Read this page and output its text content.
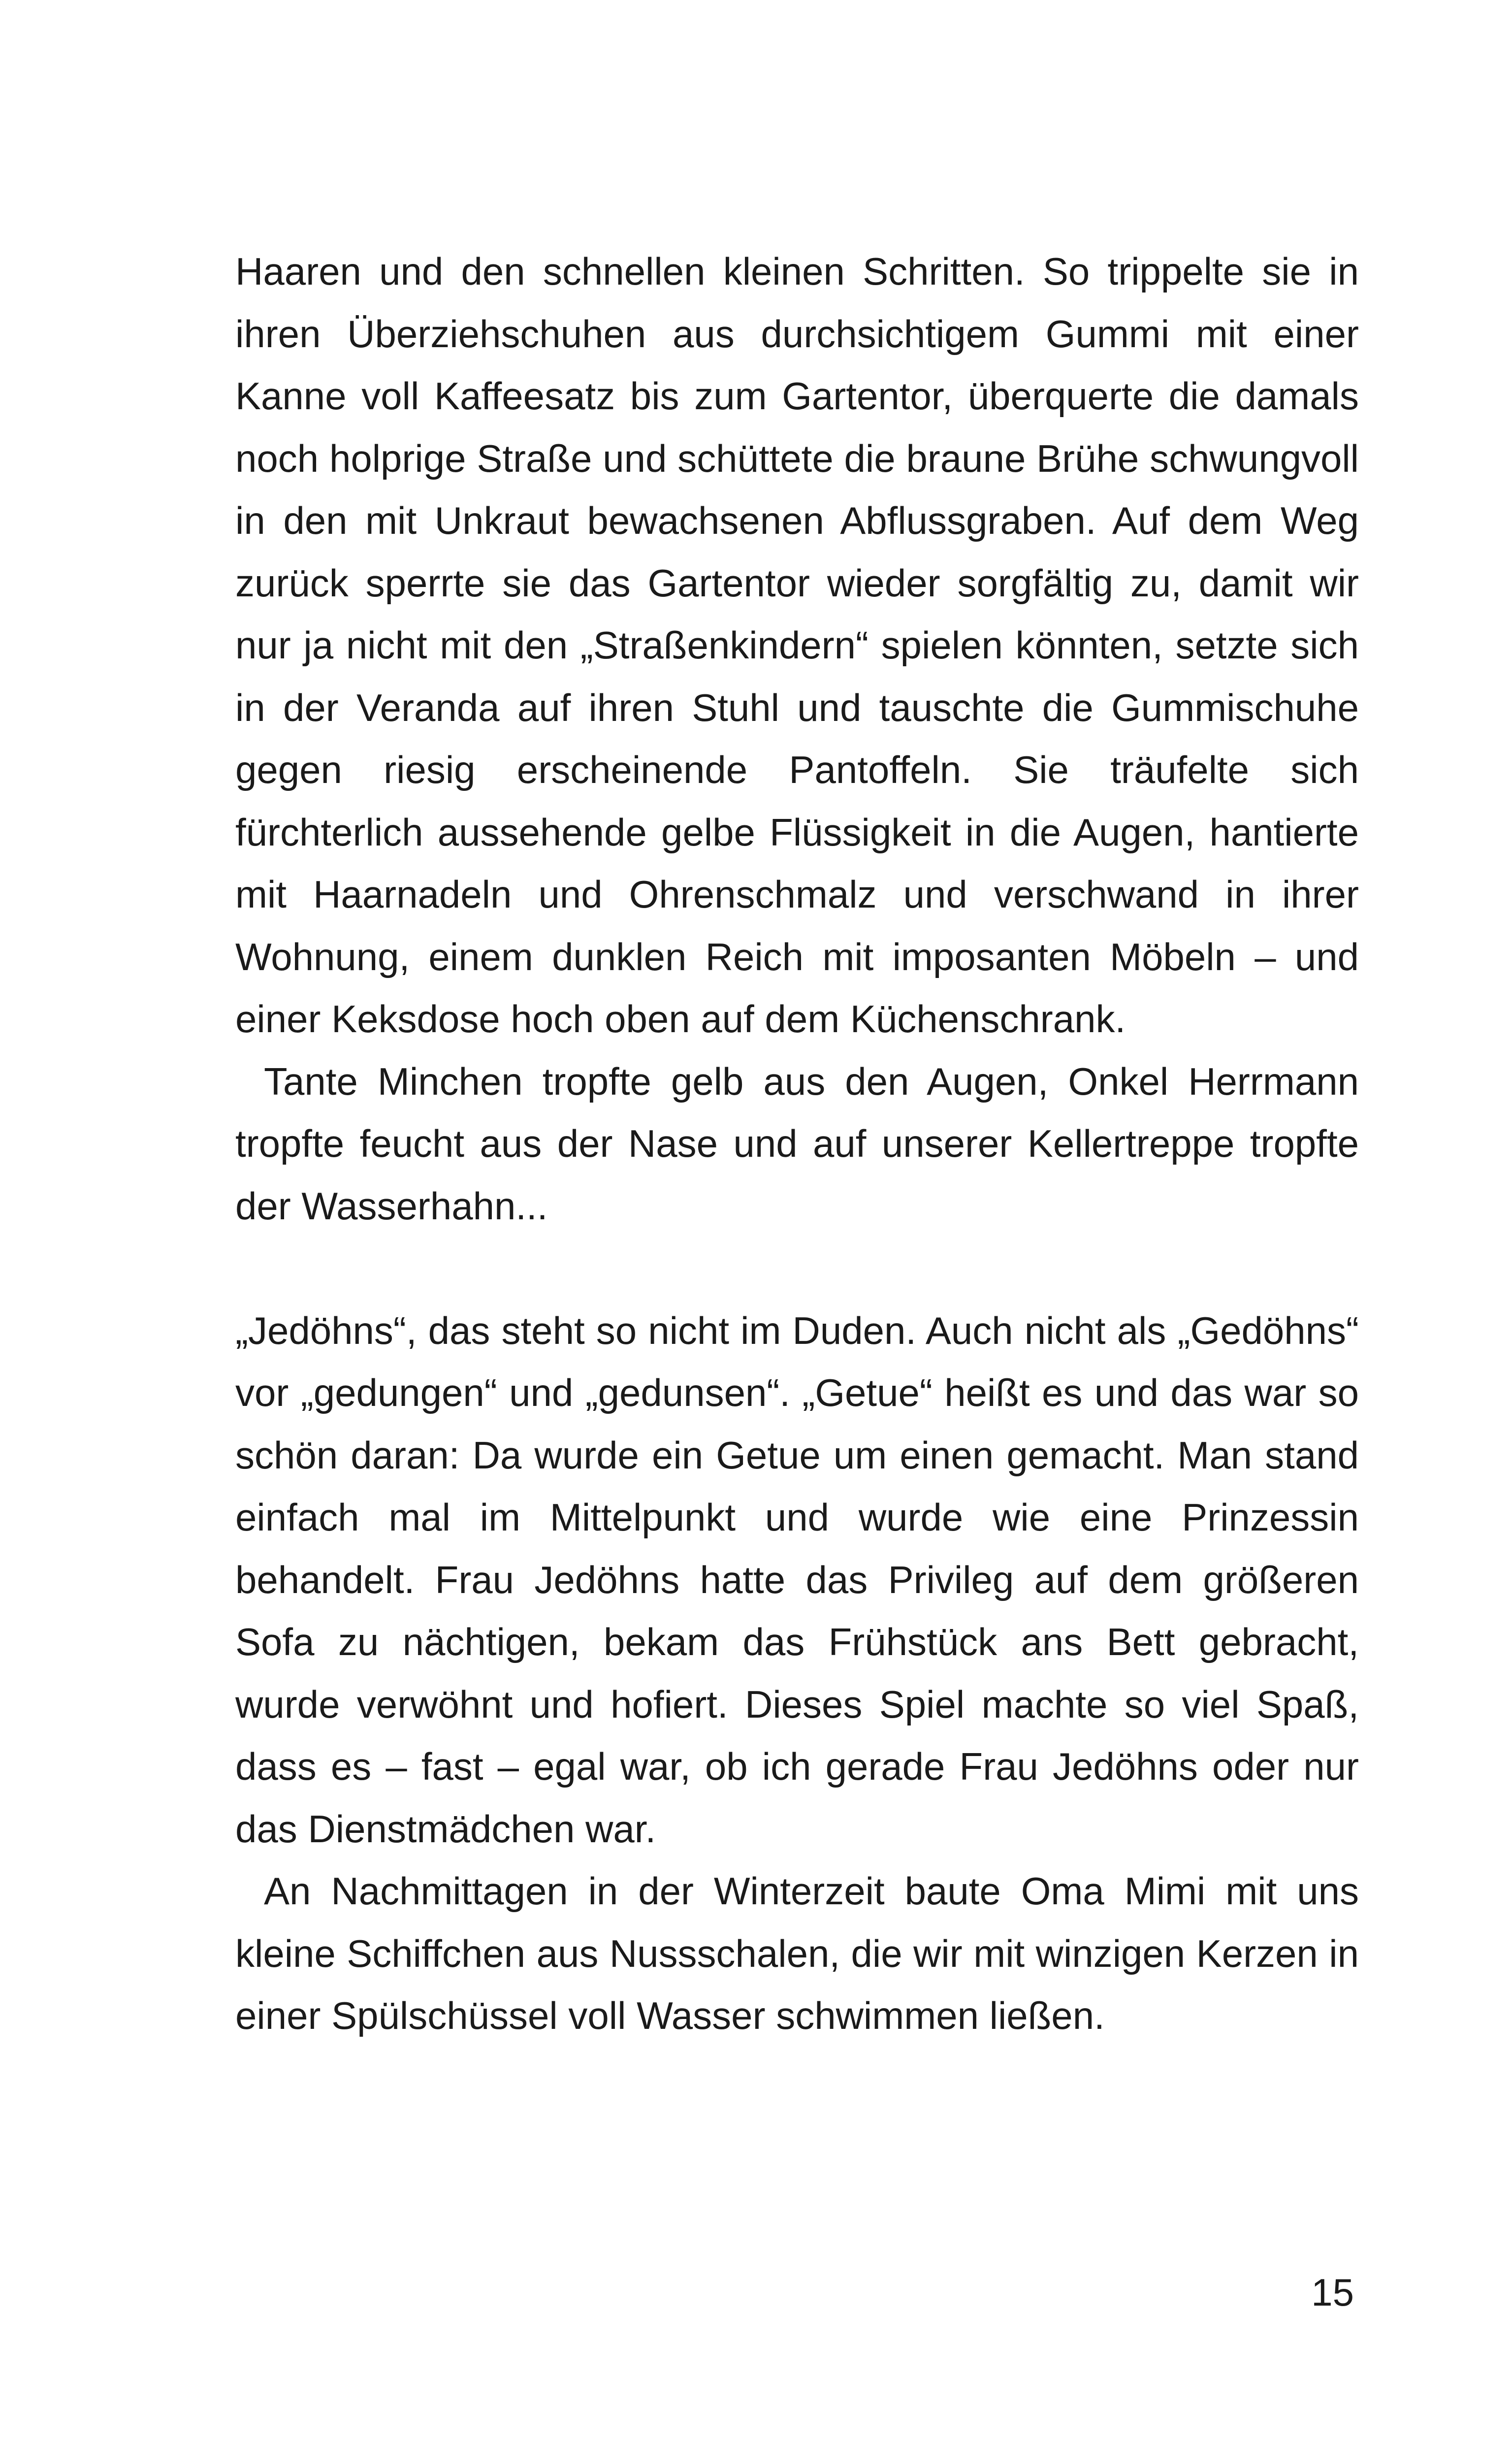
Haaren und den schnellen kleinen Schritten. So trippelte sie in ihren Überziehschuhen aus durchsichtigem Gummi mit einer Kanne voll Kaffeesatz bis zum Gartentor, überquerte die damals noch holprige Straße und schüttete die braune Brühe schwungvoll in den mit Unkraut bewachsenen Abflussgraben. Auf dem Weg zurück sperrte sie das Gartentor wieder sorgfältig zu, damit wir nur ja nicht mit den „Straßenkindern“ spielen könnten, setzte sich in der Veranda auf ihren Stuhl und tauschte die Gummischuhe gegen riesig erscheinende Pantoffeln. Sie träufelte sich fürchterlich aussehende gelbe Flüssigkeit in die Augen, hantierte mit Haarnadeln und Ohrenschmalz und verschwand in ihrer Wohnung, einem dunklen Reich mit imposanten Möbeln – und einer Keksdose hoch oben auf dem Küchenschrank.

Tante Minchen tropfte gelb aus den Augen, Onkel Herrmann tropfte feucht aus der Nase und auf unserer Kellertreppe tropfte der Wasserhahn...

„Jedöhns“, das steht so nicht im Duden. Auch nicht als „Gedöhns“ vor „gedungen“ und „gedunsen“. „Getue“ heißt es und das war so schön daran: Da wurde ein Getue um einen gemacht. Man stand einfach mal im Mittelpunkt und wurde wie eine Prinzessin behandelt. Frau Jedöhns hatte das Privileg auf dem größeren Sofa zu nächtigen, bekam das Frühstück ans Bett gebracht, wurde verwöhnt und hofiert. Dieses Spiel machte so viel Spaß, dass es – fast – egal war, ob ich gerade Frau Jedöhns oder nur das Dienstmädchen war.

An Nachmittagen in der Winterzeit baute Oma Mimi mit uns kleine Schiffchen aus Nussschalen, die wir mit winzigen Kerzen in einer Spülschüssel voll Wasser schwimmen ließen.

15
